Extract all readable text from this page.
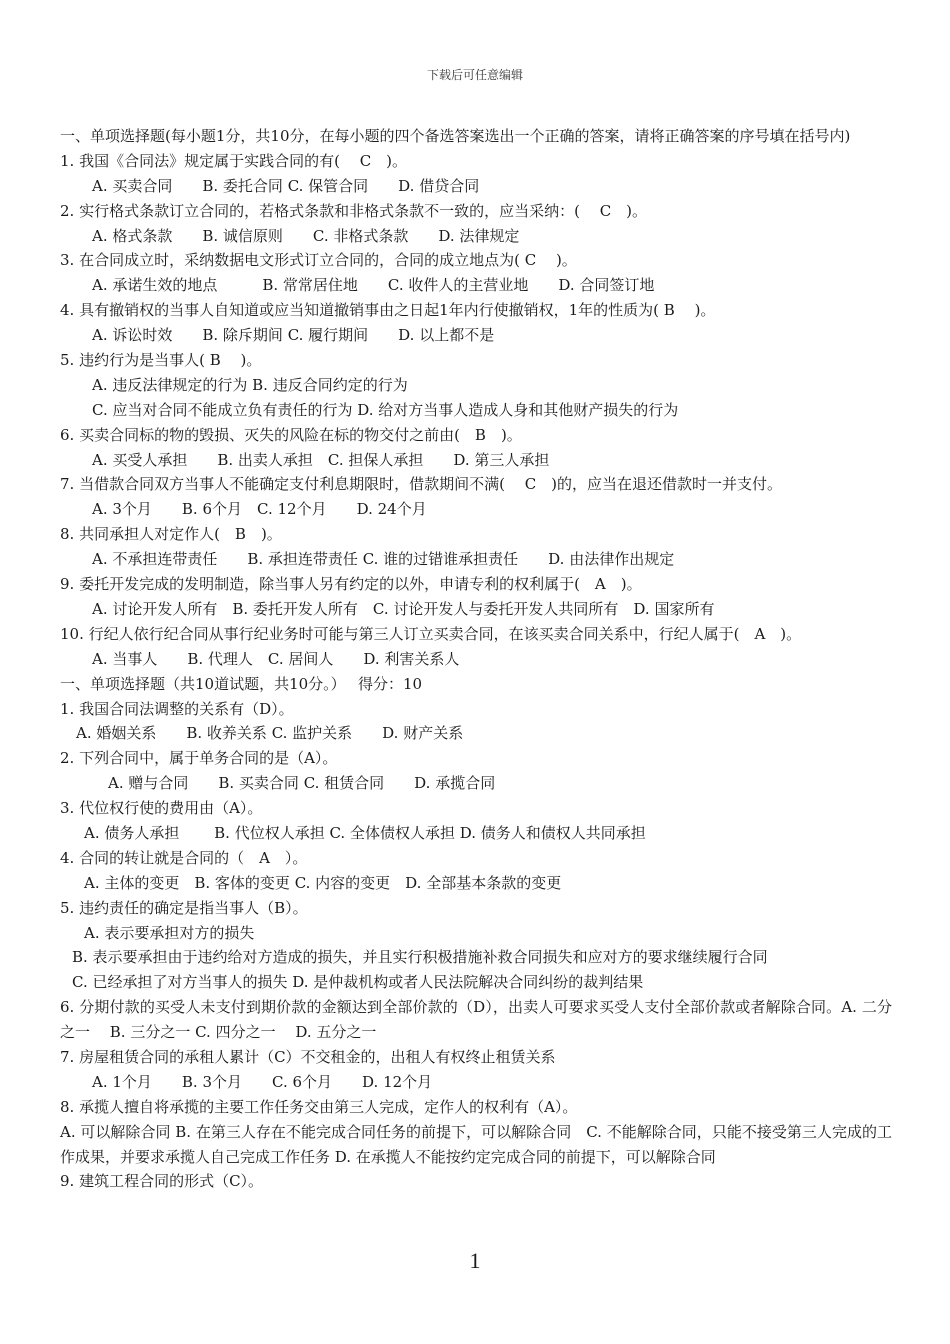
下载后可任意编辑
一、单项选择题(每小题1分，共10分，在每小题的四个备选答案选出一个正确的答案，请将正确答案的序号填在括号内)
1. 我国《合同法》规定属于实践合同的有(　 C　)。
A. 买卖合同　　B. 委托合同 C. 保管合同　　D. 借贷合同
2. 实行格式条款订立合同的，若格式条款和非格式条款不一致的，应当采纳：(　 C　)。
A. 格式条款　　B. 诚信原则　　C. 非格式条款　　D. 法律规定
3. 在合同成立时，采纳数据电文形式订立合同的，合同的成立地点为( C　 )。
A. 承诺生效的地点　　　B. 常常居住地　　C. 收件人的主营业地　　D. 合同签订地
4. 具有撤销权的当事人自知道或应当知道撤销事由之日起1年内行使撤销权，1年的性质为( B　 )。
A. 诉讼时效　　B. 除斥期间 C. 履行期间　　D. 以上都不是
5. 违约行为是当事人( B　 )。
A. 违反法律规定的行为 B. 违反合同约定的行为
C. 应当对合同不能成立负有责任的行为 D. 给对方当事人造成人身和其他财产损失的行为
6. 买卖合同标的物的毁损、灭失的风险在标的物交付之前由(　B　)。
A. 买受人承担　　B. 出卖人承担　C. 担保人承担　　D. 第三人承担
7. 当借款合同双方当事人不能确定支付利息期限时，借款期间不满(　 C　)的，应当在退还借款时一并支付。
A. 3个月　　B. 6个月　C. 12个月　　D. 24个月
8. 共同承担人对定作人(　B　)。
A. 不承担连带责任　　B. 承担连带责任 C. 谁的过错谁承担责任　　D. 由法律作出规定
9. 委托开发完成的发明制造，除当事人另有约定的以外，申请专利的权利属于(　A　)。
A. 讨论开发人所有　B. 委托开发人所有　C. 讨论开发人与委托开发人共同所有　D. 国家所有
10. 行纪人依行纪合同从事行纪业务时可能与第三人订立买卖合同，在该买卖合同关系中，行纪人属于(　A　)。
A. 当事人　　B. 代理人　C. 居间人　　D. 利害关系人
一、单项选择题（共10道试题，共10分。）　 得分：10
1. 我国合同法调整的关系有（D）。
A. 婚姻关系　　B. 收养关系 C. 监护关系　　D. 财产关系
2. 下列合同中，属于单务合同的是（A）。
A. 赠与合同　　B. 买卖合同 C. 租赁合同　　D. 承揽合同
3. 代位权行使的费用由（A）。
A. 债务人承担　　 B. 代位权人承担 C. 全体债权人承担 D. 债务人和债权人共同承担
4. 合同的转让就是合同的（　A　）。
A. 主体的变更　B. 客体的变更 C. 内容的变更　D. 全部基本条款的变更
5. 违约责任的确定是指当事人（B）。
A. 表示要承担对方的损失
B. 表示要承担由于违约给对方造成的损失，并且实行积极措施补救合同损失和应对方的要求继续履行合同
C. 已经承担了对方当事人的损失 D. 是仲裁机构或者人民法院解决合同纠纷的裁判结果
6. 分期付款的买受人未支付到期价款的金额达到全部价款的（D），出卖人可要求买受人支付全部价款或者解除合同。A. 二分之一　 B. 三分之一 C. 四分之一　 D. 五分之一
7. 房屋租赁合同的承租人累计（C）不交租金的，出租人有权终止租赁关系
A. 1个月　　B. 3个月　　C. 6个月　　D. 12个月
8. 承揽人擅自将承揽的主要工作任务交由第三人完成，定作人的权利有（A）。
A. 可以解除合同 B. 在第三人存在不能完成合同任务的前提下，可以解除合同　C. 不能解除合同，只能不接受第三人完成的工作成果，并要求承揽人自己完成工作任务 D. 在承揽人不能按约定完成合同的前提下，可以解除合同
9. 建筑工程合同的形式（C）。
1
